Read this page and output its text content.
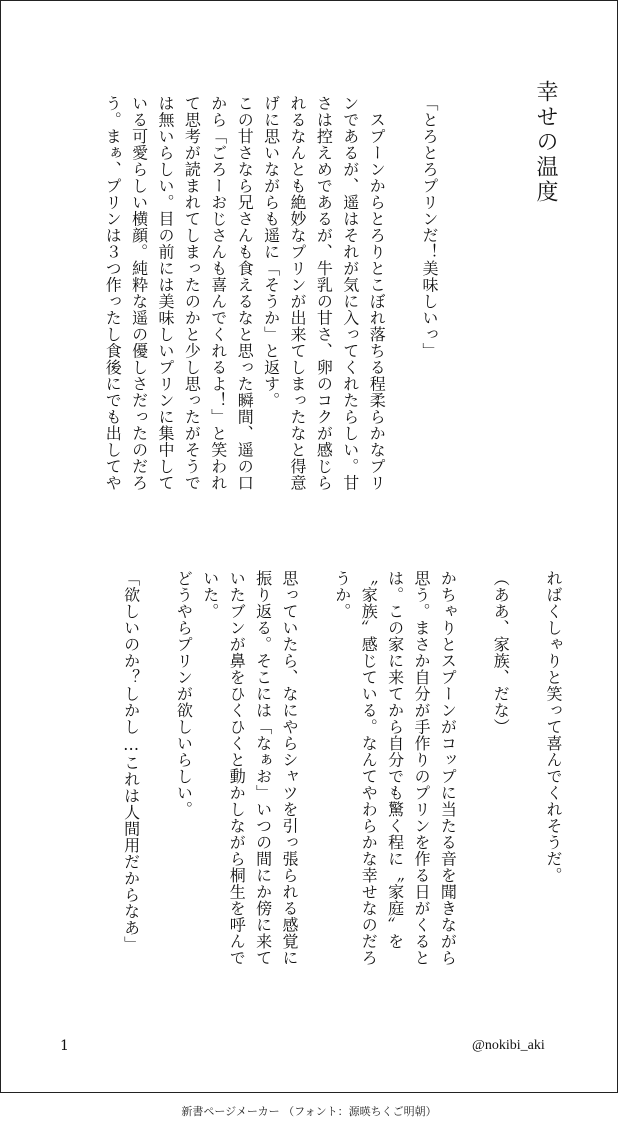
幸せの温度
「とろとろプリンだ！美味しいっ」
　スプーンからとろりとこぼれ落ちる程柔らかなプリ
ンであるが、遥はそれが気に入ってくれたらしい。甘
さは控えめであるが、牛乳の甘さ、卵のコクが感じら
れるなんとも絶妙なプリンが出来てしまったなと得意
げに思いながらも遥に「そうか」と返す。
この甘さなら兄さんも食えるなと思った瞬間、遥の口
から「ごろーおじさんも喜んでくれるよ！」と笑われ
て思考が読まれてしまったのかと少し思ったがそうで
は無いらしい。目の前には美味しいプリンに集中して
いる可愛らしい横顔。純粋な遥の優しさだったのだろ
う。まぁ、プリンは３つ作ったし食後にでも出してや
ればくしゃりと笑って喜んでくれそうだ。
（ああ、家族、だな）
かちゃりとスプーンがコップに当たる音を聞きながら
思う。まさか自分が手作りのプリンを作る日がくると
は。この家に来てから自分でも驚く程に〝家庭〟を
〝家族〟感じている。なんてやわらかな幸せなのだろ
うか。
思っていたら、なにやらシャツを引っ張られる感覚に
振り返る。そこには「なぁお」いつの間にか傍に来て
いたブンが鼻をひくひくと動かしながら桐生を呼んで
いた。
どうやらプリンが欲しいらしい。
「欲しいのか？しかし…これは人間用だからなあ」
1	@nokibi_aki
新書ページメーカー （フォント：源暎ちくご明朝）
